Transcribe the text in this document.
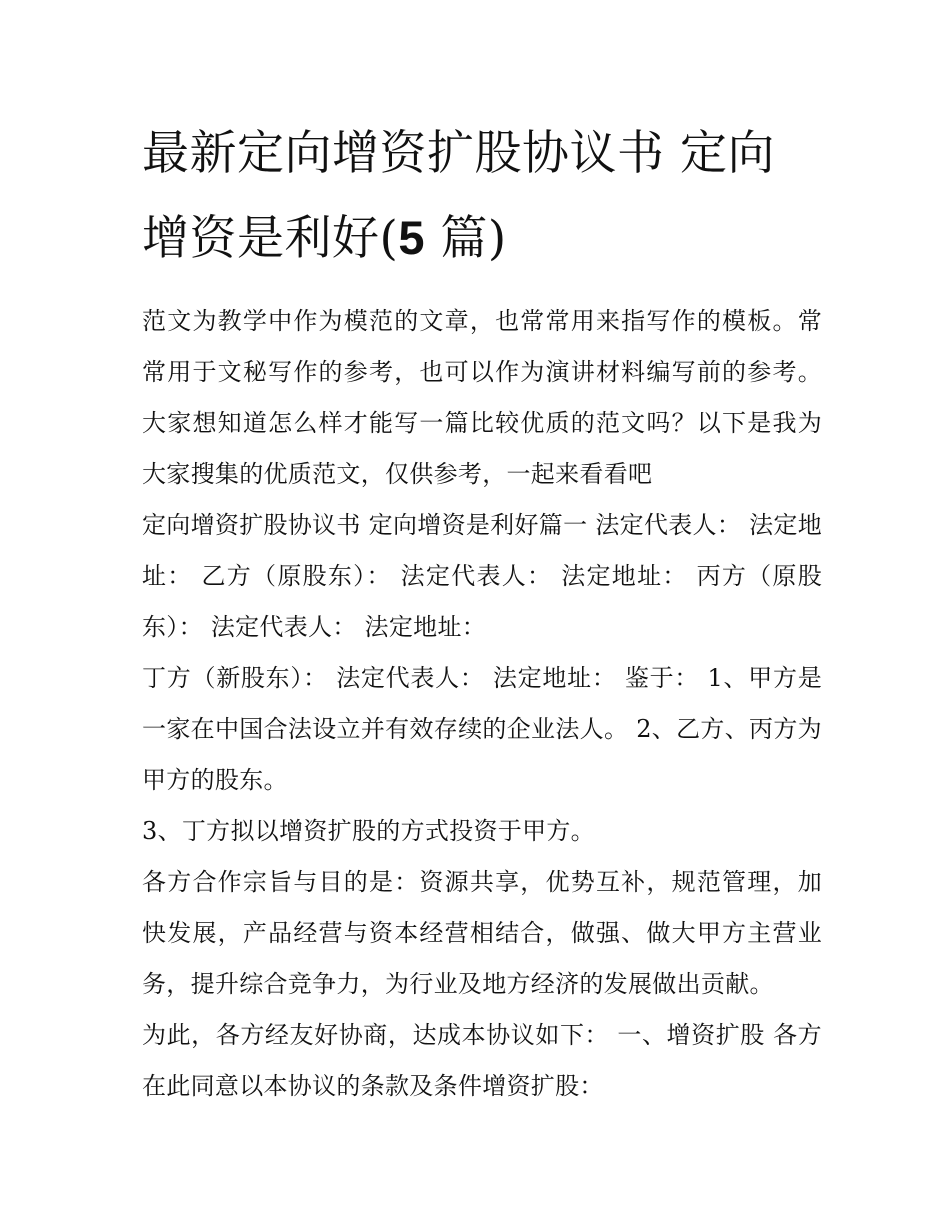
最新定向增资扩股协议书 定向增资是利好(5 篇)

范文为教学中作为模范的文章，也常常用来指写作的模板。常常用于文秘写作的参考，也可以作为演讲材料编写前的参考。大家想知道怎么样才能写一篇比较优质的范文吗？以下是我为大家搜集的优质范文，仅供参考，一起来看看吧

定向增资扩股协议书 定向增资是利好篇一 法定代表人： 法定地址： 乙方（原股东）： 法定代表人： 法定地址： 丙方（原股东）： 法定代表人： 法定地址：

丁方（新股东）： 法定代表人： 法定地址： 鉴于： 1、甲方是一家在中国合法设立并有效存续的企业法人。 2、乙方、丙方为甲方的股东。

3、丁方拟以增资扩股的方式投资于甲方。

各方合作宗旨与目的是：资源共享，优势互补，规范管理，加快发展，产品经营与资本经营相结合，做强、做大甲方主营业务，提升综合竞争力，为行业及地方经济的发展做出贡献。

为此，各方经友好协商，达成本协议如下： 一、增资扩股 各方在此同意以本协议的条款及条件增资扩股：
